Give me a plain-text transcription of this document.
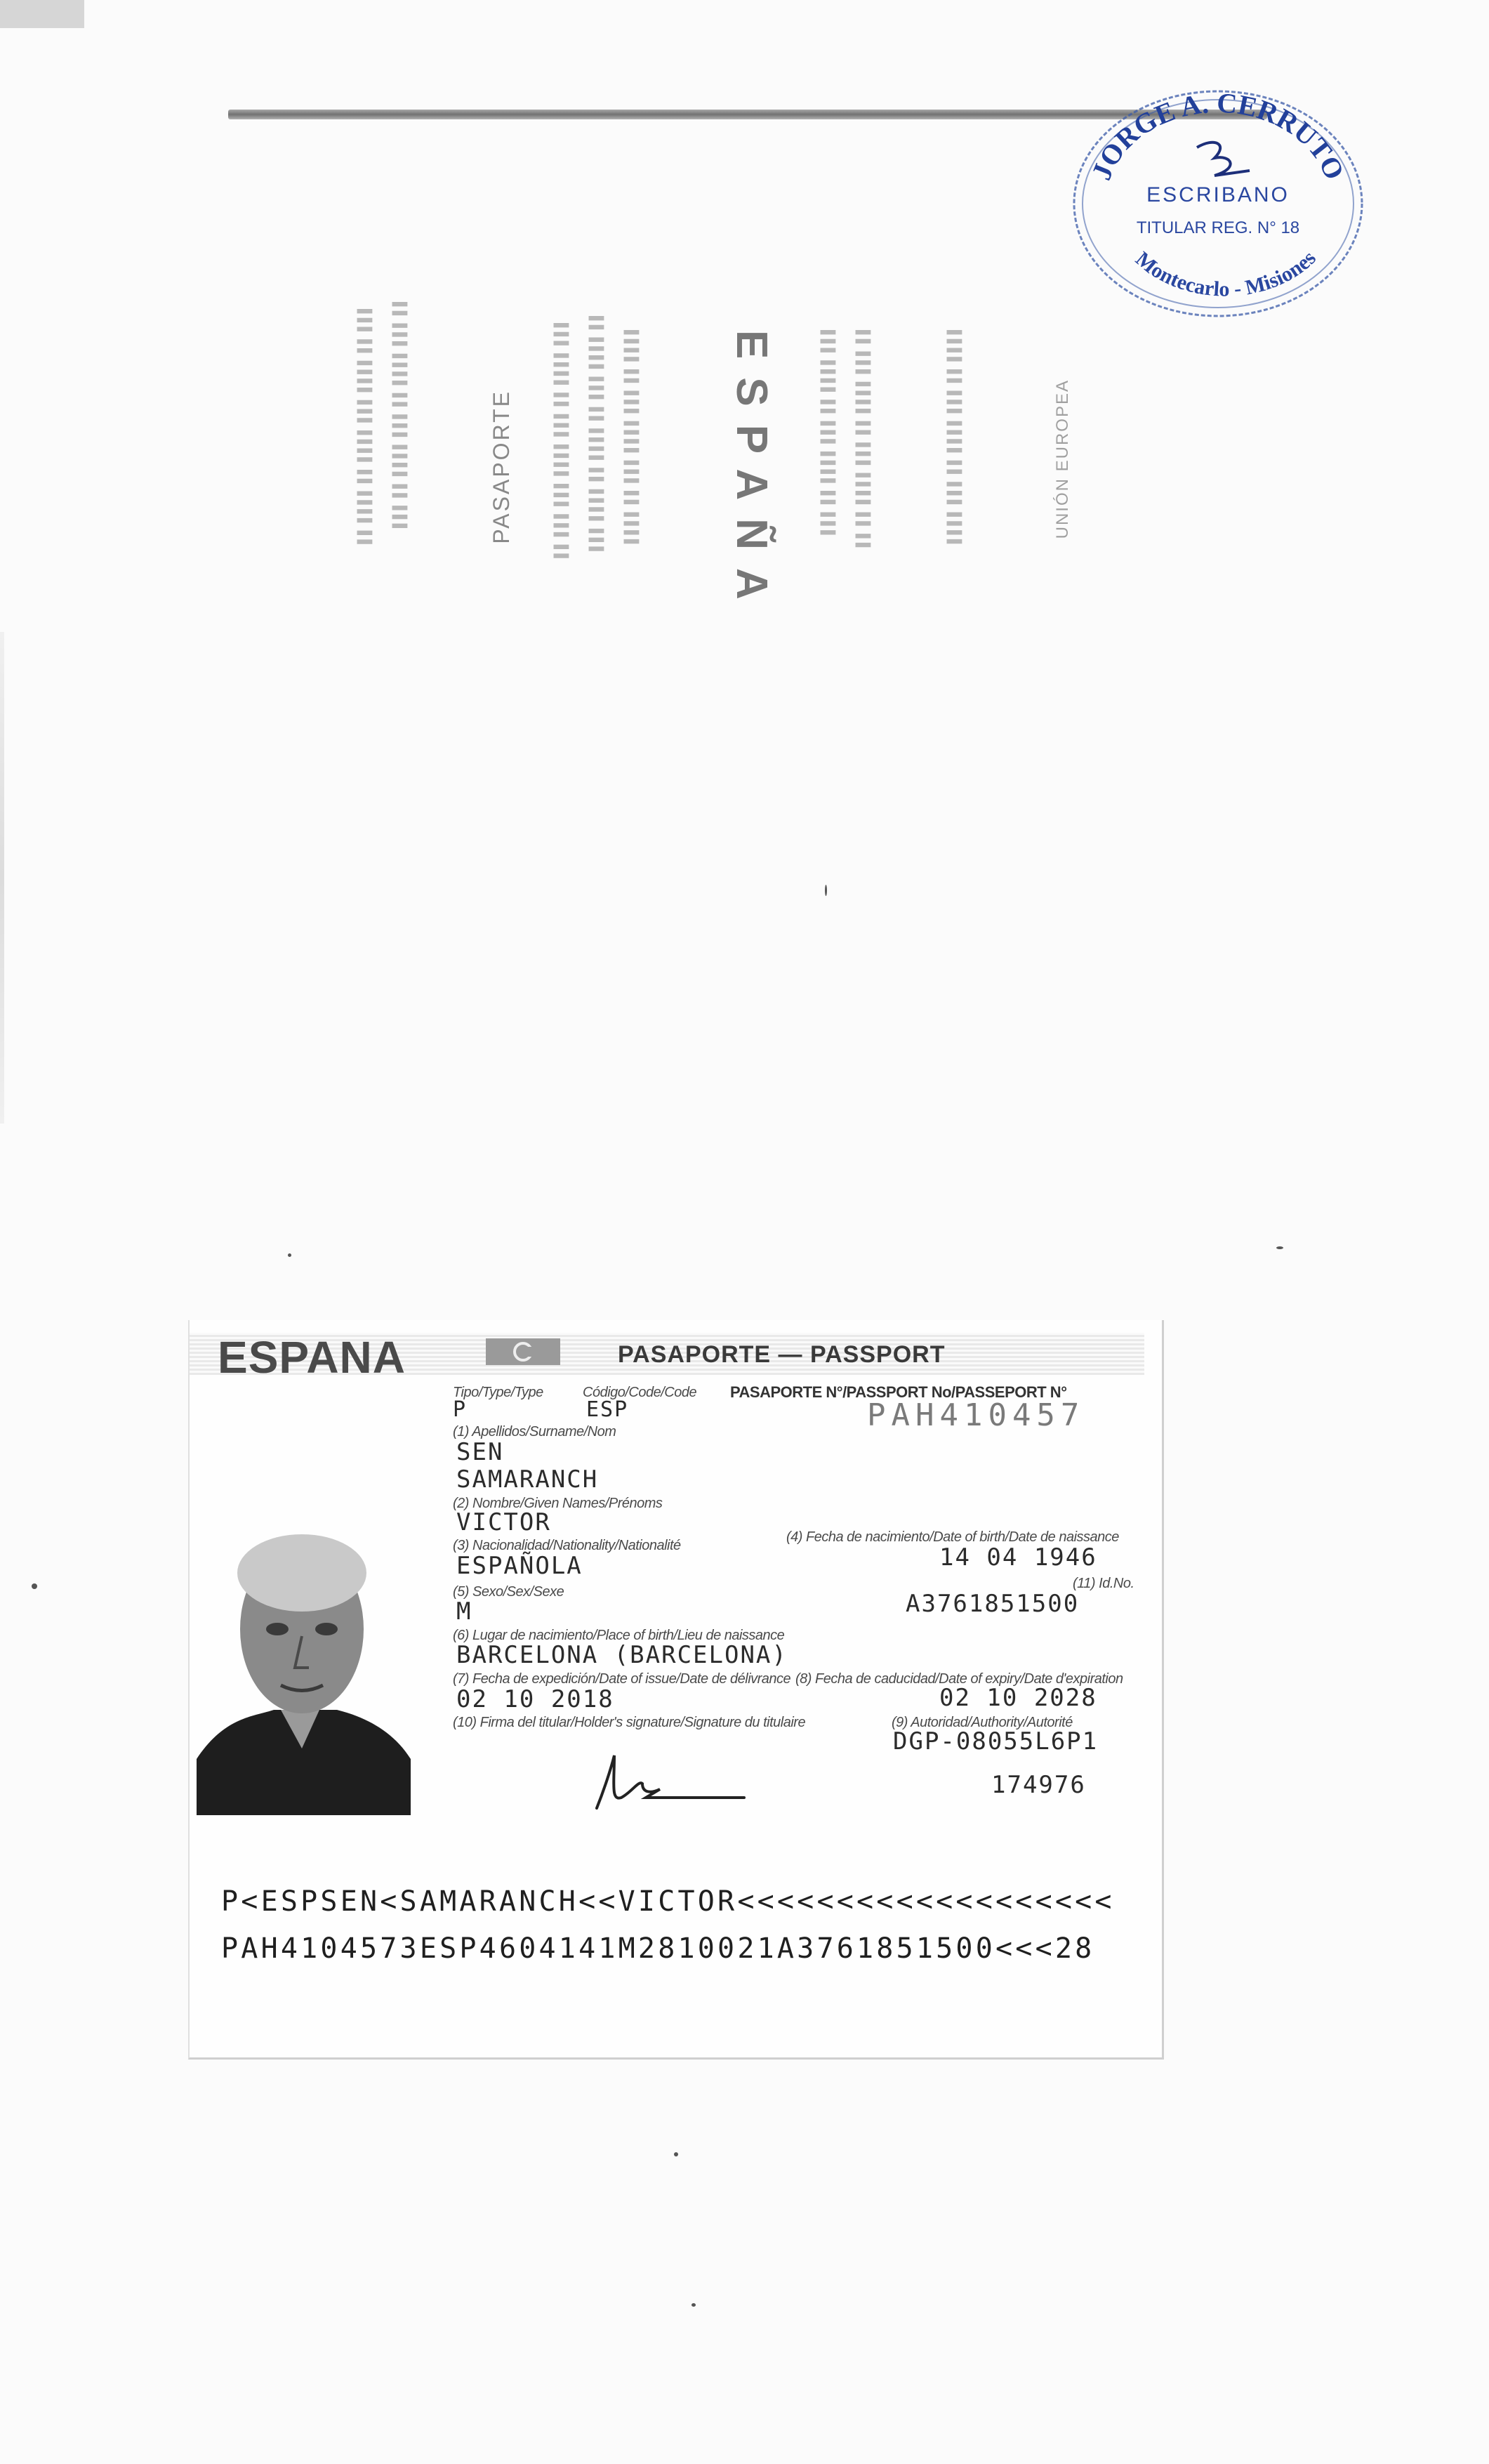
▌▌▌ ▌▌ ▌▌▌▌ ▌▌▌ ▌▌▌▌ ▌▌ ▌▌▌▌ ▌▌ ▌▌ ▌▌▌ ▌▌▌▌ ▌▌ ▌▌▌ ▌▌▌▌ ▌▌ ▌▌▌	PASAPORTE	▌▌▌ ▌▌▌▌ ▌▌ ▌▌▌ ▌▌▌▌ ▌▌▌ ▌▌▌ ▌▌ ▌▌ ▌▌▌▌ ▌▌▌ ▌▌ ▌▌▌▌ ▌▌ ▌▌▌▌ ▌▌▌ ▌▌▌▌ ▌▌ ▌▌▌ ▌▌▌▌ ▌▌▌ ▌▌ ▌▌▌▌ ESPAÑA	▌▌▌ ▌▌▌▌ ▌▌ ▌▌▌ ▌▌▌▌ ▌▌ ▌▌▌ ▌▌ ▌▌▌ ▌▌▌▌ ▌▌ ▌▌▌ ▌▌▌▌ ▌▌ ▌▌	▌▌▌▌ ▌▌ ▌▌▌ ▌▌▌▌ ▌▌ ▌▌▌ ▌▌▌▌	UNIÓN EUROPEA
JORGE A. CERRUTO
ESCRIBANO
TITULAR REG. N° 18
Montecarlo - Misiones
ESPANA	PASAPORTE — PASSPORT
Tipo/Type/Type	Código/Code/Code PASAPORTE N°/PASSPORT No/PASSEPORT N°
P	ESP	PAH410457
(1) Apellidos/Surname/Nom
SEN
SAMARANCH
(2) Nombre/Given Names/Prénoms
VICTOR
(3) Nacionalidad/Nationality/Nationalité
ESPAÑOLA
(4) Fecha de nacimiento/Date of birth/Date de naissance
14 04 1946
(5) Sexo/Sex/Sexe
(11) Id.No.
M	A3761851500
(6) Lugar de nacimiento/Place of birth/Lieu de naissance
BARCELONA (BARCELONA)
(7) Fecha de expedición/Date of issue/Date de délivrance (8) Fecha de caducidad/Date of expiry/Date d'expiration
02 10 2018	02 10 2028
(10) Firma del titular/Holder's signature/Signature du titulaire	(9) Autoridad/Authority/Autorité
DGP-08055L6P1
174976
P<ESPSEN<SAMARANCH<<VICTOR<<<<<<<<<<<<<<<<<<<
PAH4104573ESP4604141M2810021A3761851500<<<28
